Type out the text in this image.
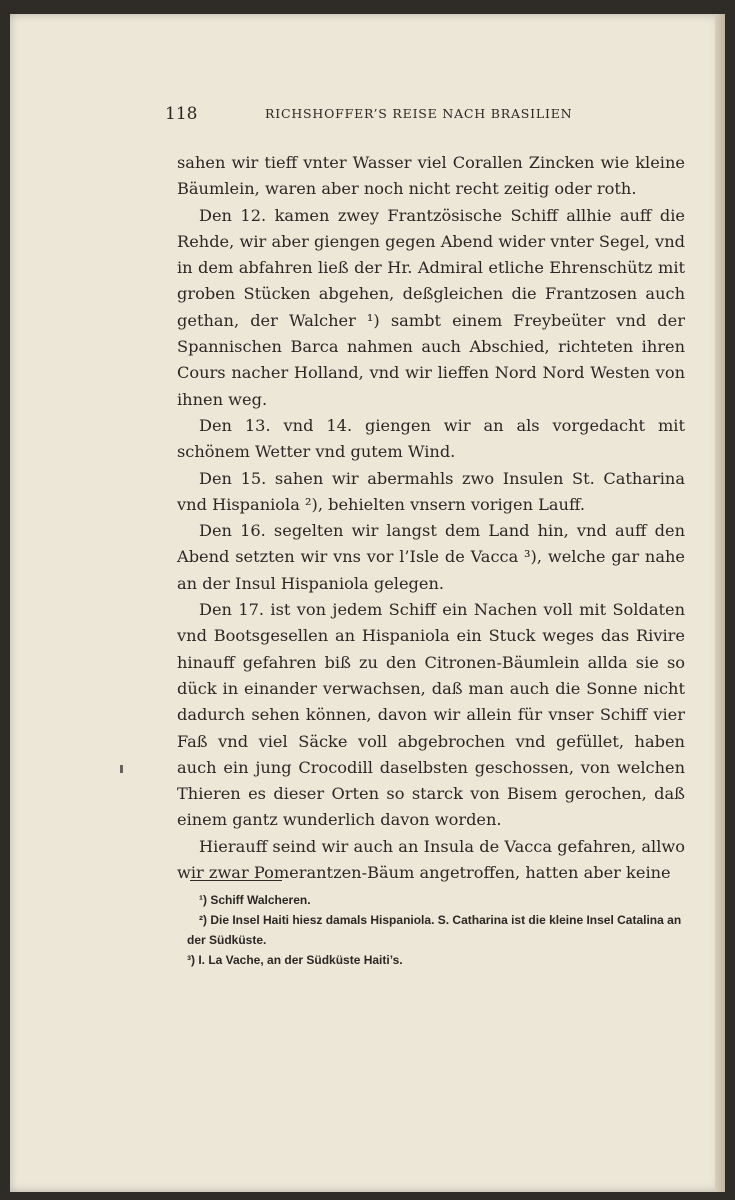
118	RICHSHOFFER’S REISE NACH BRASILIEN

sahen wir tieff vnter Wasser viel Corallen Zincken wie kleine Bäumlein, waren aber noch nicht recht zeitig oder roth.

Den 12. kamen zwey Frantzösische Schiff allhie auff die Rehde, wir aber giengen gegen Abend wider vnter Segel, vnd in dem abfahren ließ der Hr. Admiral etliche Ehrenschütz mit groben Stücken abgehen, deßgleichen die Frantzosen auch gethan, der Walcher ¹) sambt einem Freybeüter vnd der Spannischen Barca nahmen auch Abschied, richteten ihren Cours nacher Holland, vnd wir lieffen Nord Nord Westen von ihnen weg.

Den 13. vnd 14. giengen wir an als vorgedacht mit schönem Wetter vnd gutem Wind.

Den 15. sahen wir abermahls zwo Insulen St. Catharina vnd Hispaniola ²), behielten vnsern vorigen Lauff.

Den 16. segelten wir langst dem Land hin, vnd auff den Abend setzten wir vns vor l’Isle de Vacca ³), welche gar nahe an der Insul Hispaniola gelegen.

Den 17. ist von jedem Schiff ein Nachen voll mit Soldaten vnd Bootsgesellen an Hispaniola ein Stuck weges das Rivire hinauff gefahren biß zu den Citronen-Bäumlein allda sie so dück in einander verwachsen, daß man auch die Sonne nicht dadurch sehen können, davon wir allein für vnser Schiff vier Faß vnd viel Säcke voll abgebrochen vnd gefüllet, haben auch ein jung Crocodill daselbsten geschossen, von welchen Thieren es dieser Orten so starck von Bisem gerochen, daß einem gantz wunderlich davon worden.

Hierauff seind wir auch an Insula de Vacca gefahren, allwo wir zwar Pomerantzen-Bäum angetroffen, hatten aber keine

¹) Schiff Walcheren.

²) Die Insel Haiti hiesz damals Hispaniola. S. Catharina ist die kleine Insel Catalina an der Südküste.

³) I. La Vache, an der Südküste Haiti’s.
